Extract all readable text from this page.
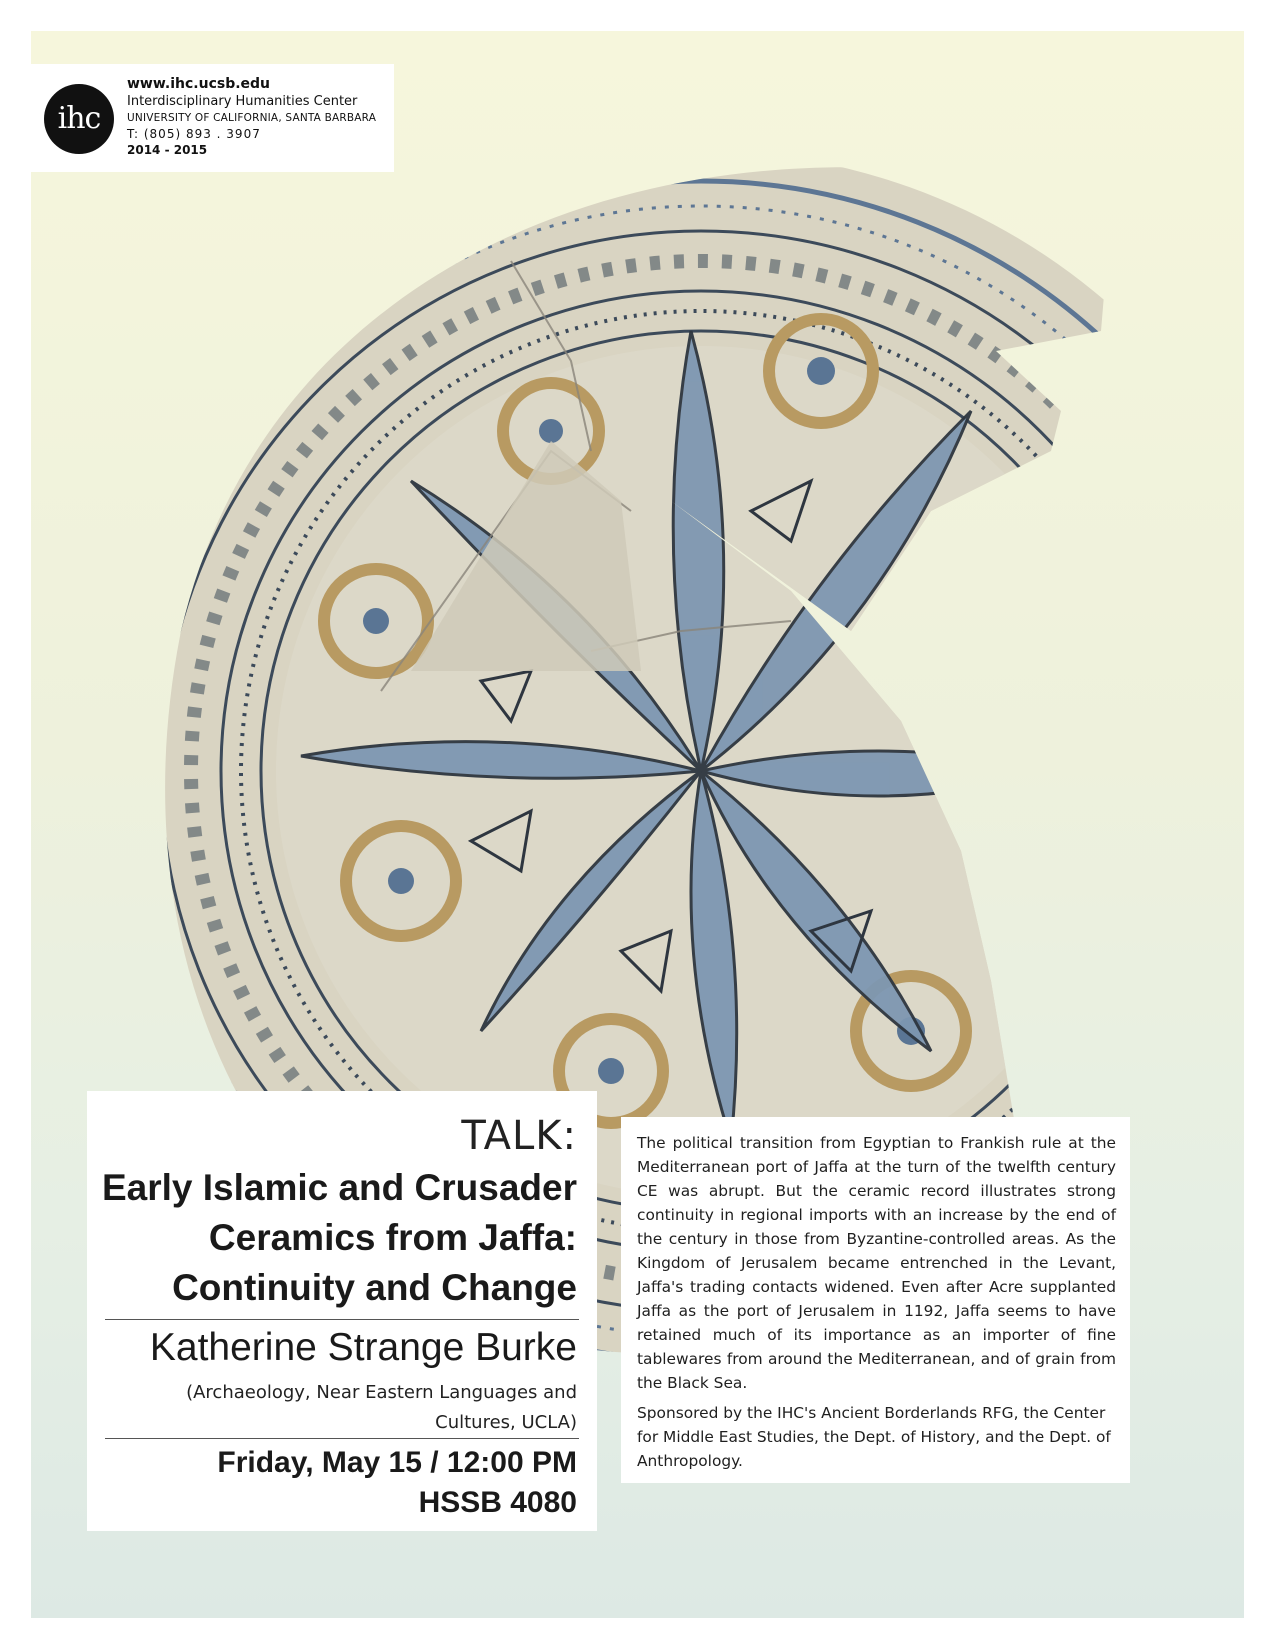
ihc
www.ihc.ucsb.edu
Interdisciplinary Humanities Center
UNIVERSITY OF CALIFORNIA, SANTA BARBARA
T: (805) 893 . 3907
2014 - 2015
TALK:
Early Islamic and Crusader Ceramics from Jaffa: Continuity and Change
Katherine Strange Burke
(Archaeology, Near Eastern Languages and Cultures, UCLA)
Friday, May 15 / 12:00 PM
HSSB 4080
The political transition from Egyptian to Frankish rule at the Mediterranean port of Jaffa at the turn of the twelfth century CE was abrupt. But the ceramic record illustrates strong continuity in regional imports with an increase by the end of the century in those from Byzantine-controlled areas. As the Kingdom of Jerusalem became entrenched in the Levant, Jaffa's trading contacts widened. Even after Acre supplanted Jaffa as the port of Jerusalem in 1192, Jaffa seems to have retained much of its importance as an importer of fine tablewares from around the Mediterranean, and of grain from the Black Sea.
Sponsored by the IHC's Ancient Borderlands RFG, the Center for Middle East Studies, the Dept. of History, and the Dept. of Anthropology.
